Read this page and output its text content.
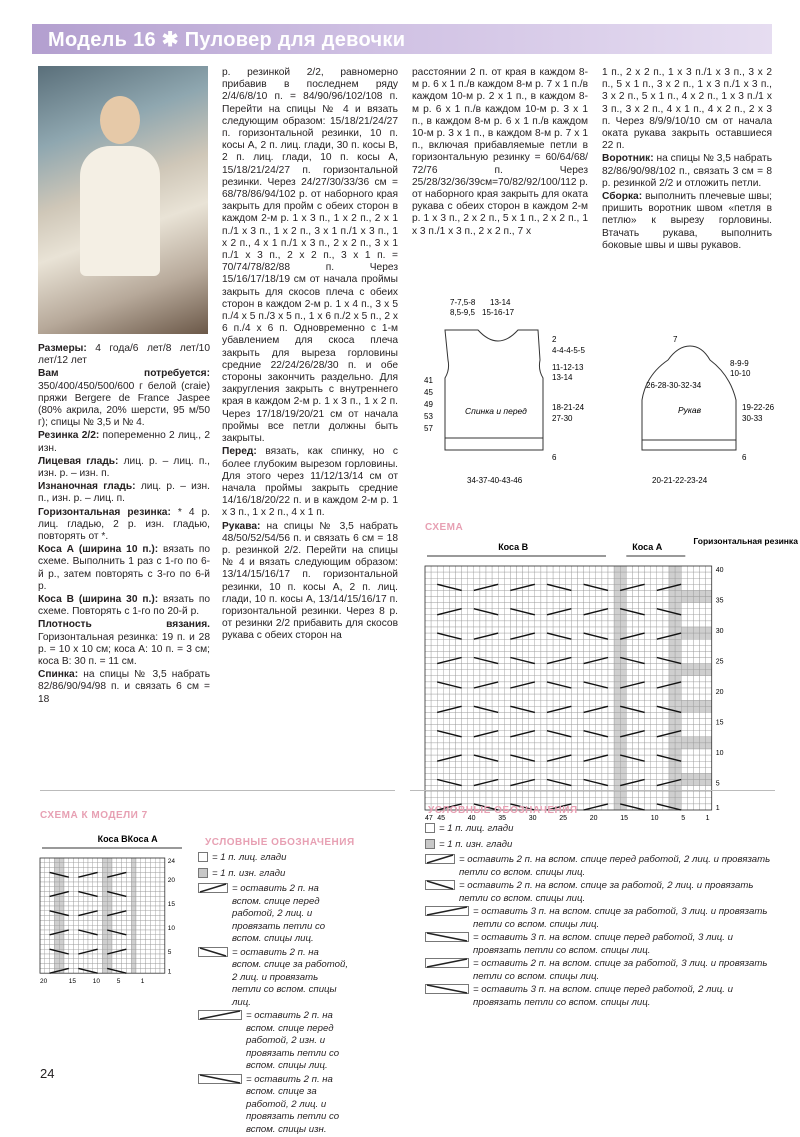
Модель 16 ✱ Пуловер для девочки

Размеры: 4 года/6 лет/8 лет/10 лет/12 лет

Вам потребуется: 350/400/450/500/600 г белой (craie) пряжи Bergere de France Jaspee (80% акрила, 20% шерсти, 95 м/50 г); спицы № 3,5 и № 4.

Резинка 2/2: попеременно 2 лиц., 2 изн.

Лицевая гладь: лиц. р. – лиц. п., изн. р. – изн. п.

Изнаночная гладь: лиц. р. – изн. п., изн. р. – лиц. п.

Горизонтальная резинка: * 4 р. лиц. гладью, 2 р. изн. гладью, повторять от *.

Коса А (ширина 10 п.): вязать по схеме. Выполнить 1 раз с 1-го по 6-й р., затем повторять с 3-го по 6-й р.

Коса В (ширина 30 п.): вязать по схеме. Повторять с 1-го по 20-й р.

Плотность вязания. Горизонтальная резинка: 19 п. и 28 р. = 10 х 10 см; коса А: 10 п. = 3 см; коса В: 30 п. = 11 см.

Спинка: на спицы № 3,5 набрать 82/86/90/94/98 п. и связать 6 см = 18

р. резинкой 2/2, равномерно прибавив в последнем ряду 2/4/6/8/10 п. = 84/90/96/102/108 п. Перейти на спицы № 4 и вязать следующим образом: 15/18/21/24/27 п. горизонтальной резинки, 10 п. косы А, 2 п. лиц. глади, 30 п. косы В, 2 п. лиц. глади, 10 п. косы А, 15/18/21/24/27 п. горизонтальной резинки. Через 24/27/30/33/36 см = 68/78/86/94/102 р. от наборного края закрыть для пройм с обеих сторон в каждом 2-м р. 1 х 3 п., 1 х 2 п., 2 х 1 п./1 х 3 п., 1 х 2 п., 3 х 1 п./1 х 3 п., 1 х 2 п., 4 х 1 п./1 х 3 п., 2 х 2 п., 3 х 1 п./1 х 3 п., 2 х 2 п., 3 х 1 п. = 70/74/78/82/88 п. Через 15/16/17/18/19 см от начала проймы закрыть для скосов плеча с обеих сторон в каждом 2-м р. 1 х 4 п., 3 х 5 п./4 х 5 п./3 х 5 п., 1 х 6 п./2 х 5 п., 2 х 6 п./4 х 6 п. Одновременно с 1-м убавлением для скоса плеча закрыть для выреза горловины средние 22/24/26/28/30 п. и обе стороны закончить раздельно. Для закругления закрыть с внутреннего края в каждом 2-м р. 1 х 3 п., 1 х 2 п. Через 17/18/19/20/21 см от начала проймы все петли должны быть закрыты.

Перед: вязать, как спинку, но с более глубоким вырезом горловины. Для этого через 11/12/13/14 см от начала проймы закрыть средние 14/16/18/20/22 п. и в каждом 2-м р. 1 х 3 п., 1 х 2 п., 4 х 1 п.

Рукава: на спицы № 3,5 набрать 48/50/52/54/56 п. и связать 6 см = 18 р. резинкой 2/2. Перейти на спицы № 4 и вязать следующим образом: 13/14/15/16/17 п. горизонтальной резинки, 10 п. косы А, 2 п. лиц. глади, 10 п. косы А, 13/14/15/16/17 п. горизонтальной резинки. Через 8 р. от резинки 2/2 прибавить для скосов рукава с обеих сторон на

расстоянии 2 п. от края в каждом 8-м р. 6 х 1 п./в каждом 8-м р. 7 х 1 п./в каждом 10-м р. 2 х 1 п., в каждом 8-м р. 6 х 1 п./в каждом 10-м р. 3 х 1 п., в каждом 8-м р. 6 х 1 п./в каждом 10-м р. 3 х 1 п., в каждом 8-м р. 7 х 1 п., включая прибавляемые петли в горизонтальную резинку = 60/64/68/ 72/76 п. Через 25/28/32/36/39см=70/82/92/100/112 р. от наборного края закрыть для оката рукава с обеих сторон в каждом 2-м р. 1 х 3 п., 2 х 2 п., 5 х 1 п., 2 х 2 п., 1 х 3 п./1 х 3 п., 2 х 2 п., 7 х

1 п., 2 х 2 п., 1 х 3 п./1 х 3 п., 3 х 2 п., 5 х 1 п., 3 х 2 п., 1 х 3 п./1 х 3 п., 3 х 2 п., 5 х 1 п., 4 х 2 п., 1 х 3 п./1 х 3 п., 3 х 2 п., 4 х 1 п., 4 х 2 п., 2 х 3 п. Через 8/9/9/10/10 см от начала оката рукава закрыть оставшиеся 22 п.

Воротник: на спицы № 3,5 набрать 82/86/90/98/102 п., связать 3 см = 8 р. резинкой 2/2 и отложить петли.

Сборка: выполнить плечевые швы; пришить воротник швом «петля в петлю» к вырезу горловины. Втачать рукава, выполнить боковые швы и швы рукавов.

7-7,5-8
8,5-9,5
13-14
15-16-17
2
4-4-4-5-5
11-12-13
13-14
18-21-24
27-30
6
41
45
49
53
57
Спинка и перед
34-37-40-43-46
7
8-9-9
10-10
19-22-26
30-33
6
26-28-30-32-34
Рукав
20-21-22-23-24
СХЕМА
Коса В	Коса А
Горизонтальная резинка
40
35
30
25
20
15
10
5
1
47 45	40	35	30	25	20	15	10	5	1
СХЕМА К МОДЕЛИ 7
Коса В Коса А
24
20
15
10
5
1
20	15	10	5	1
УСЛОВНЫЕ ОБОЗНАЧЕНИЯ
= 1 п. лиц. глади
= 1 п. изн. глади
= оставить 2 п. на вспом. спице перед работой, 2 лиц. и провязать петли со вспом. спицы лиц.
= оставить 2 п. на вспом. спице за работой, 2 лиц. и провязать петли со вспом. спицы лиц.
= оставить 2 п. на вспом. спице перед работой, 2 изн. и провязать петли со вспом. спицы лиц.
= оставить 2 п. на вспом. спице за работой, 2 лиц. и провязать петли со вспом. спицы изн.
УСЛОВНЫЕ ОБОЗНАЧЕНИЯ
= 1 п. лиц. глади
= 1 п. изн. глади
= оставить 2 п. на вспом. спице перед работой, 2 лиц. и провязать петли со вспом. спицы лиц.
= оставить 2 п. на вспом. спице за работой, 2 лиц. и провязать петли со вспом. спицы лиц.
= оставить 3 п. на вспом. спице за работой, 3 лиц. и провязать петли со вспом. спицы лиц.
= оставить 3 п. на вспом. спице перед работой, 3 лиц. и провязать петли со вспом. спицы лиц.
= оставить 2 п. на вспом. спице за работой, 3 лиц. и провязать петли со вспом. спицы лиц.
= оставить 3 п. на вспом. спице перед работой, 2 лиц. и провязать петли со вспом. спицы лиц.
24
